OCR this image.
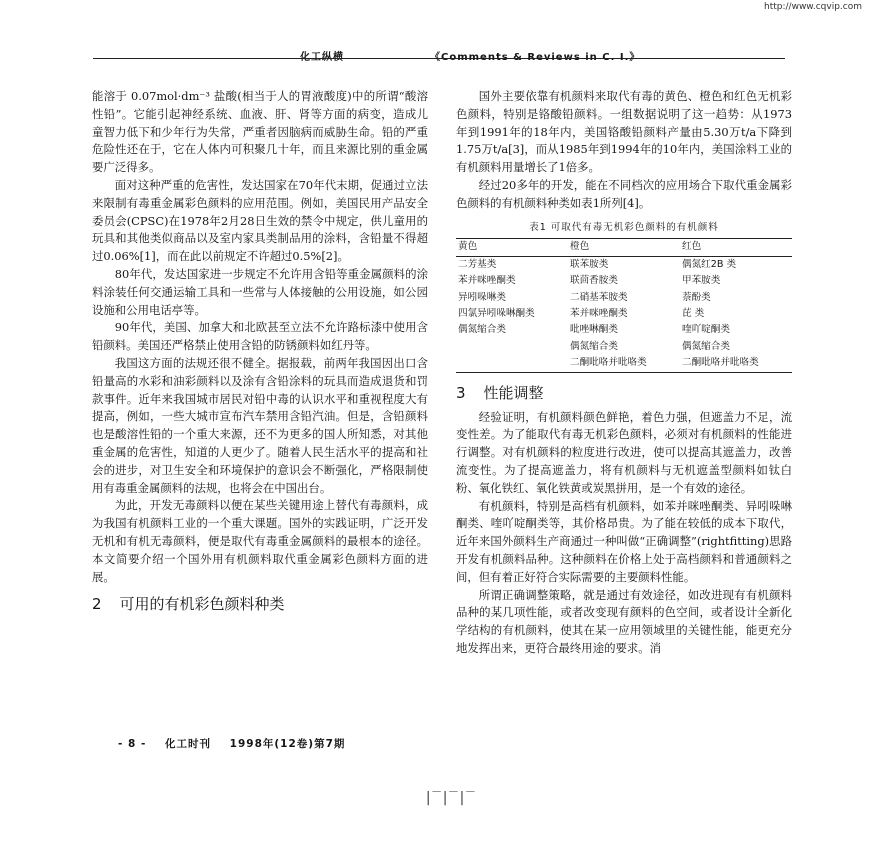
http://www.cqvip.com
化工纵横	《Comments & Reviews in C. I.》

能溶于 0.07mol·dm⁻³ 盐酸(相当于人的胃液酸度)中的所谓“酸溶性铅”。它能引起神经系统、血液、肝、肾等方面的病变，造成儿童智力低下和少年行为失常，严重者因脑病而威胁生命。铅的严重危险性还在于，它在人体内可积聚几十年，而且来源比别的重金属要广泛得多。

面对这种严重的危害性，发达国家在70年代末期，促通过立法来限制有毒重金属彩色颜料的应用范围。例如，美国民用产品安全委员会(CPSC)在1978年2月28日生效的禁令中规定，供儿童用的玩具和其他类似商品以及室内家具类制品用的涂料，含铅量不得超过0.06%[1]，而在此以前规定不许超过0.5%[2]。

80年代，发达国家进一步规定不允许用含铅等重金属颜料的涂料涂装任何交通运输工具和一些常与人体接触的公用设施，如公园设施和公用电话亭等。

90年代，美国、加拿大和北欧甚至立法不允许路标漆中使用含铅颜料。美国还严格禁止使用含铅的防锈颜料如红丹等。

我国这方面的法规还很不健全。据报载，前两年我国因出口含铅量高的水彩和油彩颜料以及涂有含铅涂料的玩具而造成退货和罚款事件。近年来我国城市居民对铅中毒的认识水平和重视程度大有提高，例如，一些大城市宣布汽车禁用含铅汽油。但是，含铅颜料也是酸溶性铅的一个重大来源，还不为更多的国人所知悉，对其他重金属的危害性，知道的人更少了。随着人民生活水平的提高和社会的进步，对卫生安全和环境保护的意识会不断强化，严格限制使用有毒重金属颜料的法规，也将会在中国出台。

为此，开发无毒颜料以便在某些关键用途上替代有毒颜料，成为我国有机颜料工业的一个重大课题。国外的实践证明，广泛开发无机和有机无毒颜料，便是取代有毒重金属颜料的最根本的途径。本文简要介绍一个国外用有机颜料取代重金属彩色颜料方面的进展。

2 可用的有机彩色颜料种类

国外主要依靠有机颜料来取代有毒的黄色、橙色和红色无机彩色颜料，特别是铬酸铅颜料。一组数据说明了这一趋势：从1973年到1991年的18年内，美国铬酸铅颜料产量由5.30万t/a下降到1.75万t/a[3]，而从1985年到1994年的10年内，美国涂料工业的有机颜料用量增长了1倍多。

经过20多年的开发，能在不同档次的应用场合下取代重金属彩色颜料的有机颜料种类如表1所列[4]。

表1 可取代有毒无机彩色颜料的有机颜料
黄色	橙色	红色
二芳基类	联苯胺类	偶氮红2B 类
苯并咪唑酮类	联茴香胺类	甲苯胺类
异吲哚啉类	二硝基苯胺类	萘酚类
四氯异吲哚啉酮类	苯并咪唑酮类	芘 类
偶氮缩合类	吡唑啉酮类	喹吖啶酮类
	偶氮缩合类	偶氮缩合类
	二酮吡咯并吡咯类	二酮吡咯并吡咯类
3 性能调整

经验证明，有机颜料颜色鲜艳，着色力强，但遮盖力不足，流变性差。为了能取代有毒无机彩色颜料，必须对有机颜料的性能进行调整。对有机颜料的粒度进行改进，使可以提高其遮盖力，改善流变性。为了提高遮盖力，将有机颜料与无机遮盖型颜料如钛白粉、氧化铁红、氧化铁黄或炭黑拼用，是一个有效的途径。

有机颜料，特别是高档有机颜料，如苯并咪唑酮类、异吲哚啉酮类、喹吖啶酮类等，其价格昂贵。为了能在较低的成本下取代，近年来国外颜料生产商通过一种叫做“正确调整”(rightfitting)思路开发有机颜料品种。这种颜料在价格上处于高档颜料和普通颜料之间，但有着正好符合实际需要的主要颜料性能。

所谓正确调整策略，就是通过有效途径，如改进现有有机颜料品种的某几项性能，或者改变现有颜料的色空间，或者设计全新化学结构的有机颜料，使其在某一应用领域里的关键性能，能更充分地发挥出来，更符合最终用途的要求。消

- 8 - 化工时刊 1998年(12卷)第7期
|‾|‾|‾
